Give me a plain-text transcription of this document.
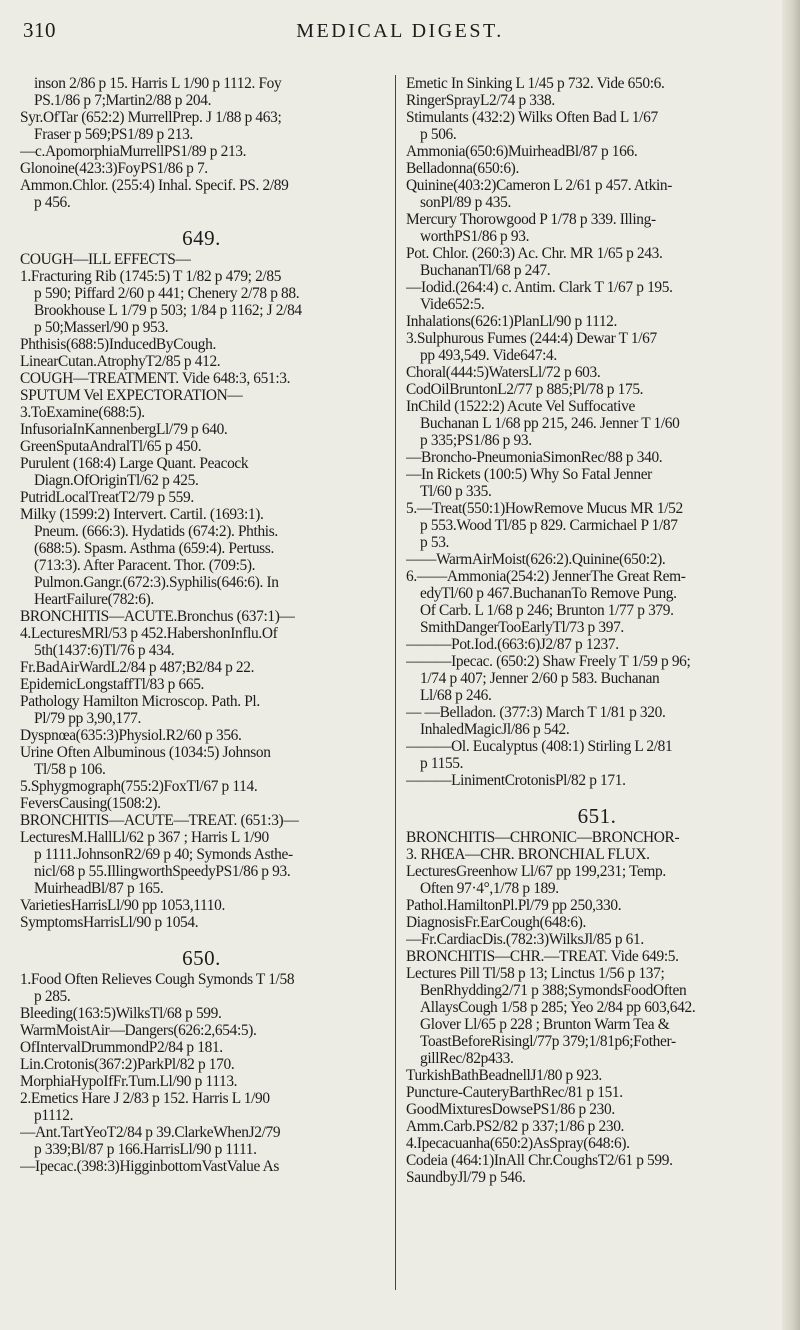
310	MEDICAL DIGEST.
inson 2/86 p 15. Harris L 1/90 p 1112. Foy
PS.1/86 p 7;Martin2/88 p 204.
Syr.OfTar (652:2) MurrellPrep. J 1/88 p 463;
Fraser p 569;PS1/89 p 213.
—c.ApomorphiaMurrellPS1/89 p 213.
Glonoine(423:3)FoyPS1/86 p 7.
Ammon.Chlor. (255:4) Inhal. Specif. PS. 2/89
p 456.
649.
COUGH—ILL EFFECTS—
1.Fracturing Rib (1745:5) T 1/82 p 479; 2/85
p 590; Piffard 2/60 p 441; Chenery 2/78 p 88.
Brookhouse L 1/79 p 503; 1/84 p 1162; J 2/84
p 50;Masserl/90 p 953.
Phthisis(688:5)InducedByCough.
LinearCutan.AtrophyT2/85 p 412.
COUGH—TREATMENT. Vide 648:3, 651:3.
SPUTUM Vel EXPECTORATION—
3.ToExamine(688:5).
InfusoriaInKannenbergLl/79 p 640.
GreenSputaAndralTl/65 p 450.
Purulent (168:4) Large Quant. Peacock
Diagn.OfOriginTl/62 p 425.
PutridLocalTreatT2/79 p 559.
Milky (1599:2) Intervert. Cartil. (1693:1).
Pneum. (666:3). Hydatids (674:2). Phthis.
(688:5). Spasm. Asthma (659:4). Pertuss.
(713:3). After Paracent. Thor. (709:5).
Pulmon.Gangr.(672:3).Syphilis(646:6). In
HeartFailure(782:6).
BRONCHITIS—ACUTE.Bronchus (637:1)—
4.LecturesMRl/53 p 452.HabershonInflu.Of
5th(1437:6)Tl/76 p 434.
Fr.BadAirWardL2/84 p 487;B2/84 p 22.
EpidemicLongstaffTl/83 p 665.
Pathology Hamilton Microscop. Path. Pl.
Pl/79 pp 3,90,177.
Dyspnœa(635:3)Physiol.R2/60 p 356.
Urine Often Albuminous (1034:5) Johnson
Tl/58 p 106.
5.Sphygmograph(755:2)FoxTl/67 p 114.
FeversCausing(1508:2).
BRONCHITIS—ACUTE—TREAT. (651:3)—
LecturesM.HallLl/62 p 367 ; Harris L 1/90
p 1111.JohnsonR2/69 p 40; Symonds Asthe-
nicl/68 p 55.IllingworthSpeedyPS1/86 p 93.
MuirheadBl/87 p 165.
VarietiesHarrisLl/90 pp 1053,1110.
SymptomsHarrisLl/90 p 1054.
650.
1.Food Often Relieves Cough Symonds T 1/58
p 285.
Bleeding(163:5)WilksTl/68 p 599.
WarmMoistAir—Dangers(626:2,654:5).
OfIntervalDrummondP2/84 p 181.
Lin.Crotonis(367:2)ParkPl/82 p 170.
MorphiaHypoIfFr.Tum.Ll/90 p 1113.
2.Emetics Hare J 2/83 p 152. Harris L 1/90
p1112.
—Ant.TartYeoT2/84 p 39.ClarkeWhenJ2/79
p 339;Bl/87 p 166.HarrisLl/90 p 1111.
—Ipecac.(398:3)HigginbottomVastValue As
Emetic In Sinking L 1/45 p 732. Vide 650:6.
RingerSprayL2/74 p 338.
Stimulants (432:2) Wilks Often Bad L 1/67
p 506.
Ammonia(650:6)MuirheadBl/87 p 166.
Belladonna(650:6).
Quinine(403:2)Cameron L 2/61 p 457. Atkin-
sonPl/89 p 435.
Mercury Thorowgood P 1/78 p 339. Illing-
worthPS1/86 p 93.
Pot. Chlor. (260:3) Ac. Chr. MR 1/65 p 243.
BuchananTl/68 p 247.
—Iodid.(264:4) c. Antim. Clark T 1/67 p 195.
Vide652:5.
Inhalations(626:1)PlanLl/90 p 1112.
3.Sulphurous Fumes (244:4) Dewar T 1/67
pp 493,549. Vide647:4.
Choral(444:5)WatersLl/72 p 603.
CodOilBruntonL2/77 p 885;Pl/78 p 175.
InChild (1522:2) Acute Vel Suffocative
Buchanan L 1/68 pp 215, 246. Jenner T 1/60
p 335;PS1/86 p 93.
—Broncho-PneumoniaSimonRec/88 p 340.
—In Rickets (100:5) Why So Fatal Jenner
Tl/60 p 335.
5.—Treat(550:1)HowRemove Mucus MR 1/52
p 553.Wood Tl/85 p 829. Carmichael P 1/87
p 53.
——WarmAirMoist(626:2).Quinine(650:2).
6.——Ammonia(254:2) JennerThe Great Rem-
edyTl/60 p 467.BuchananTo Remove Pung.
Of Carb. L 1/68 p 246; Brunton 1/77 p 379.
SmithDangerTooEarlyTl/73 p 397.
———Pot.Iod.(663:6)J2/87 p 1237.
———Ipecac. (650:2) Shaw Freely T 1/59 p 96;
1/74 p 407; Jenner 2/60 p 583. Buchanan
Ll/68 p 246.
— —Belladon. (377:3) March T 1/81 p 320.
InhaledMagicJl/86 p 542.
———Ol. Eucalyptus (408:1) Stirling L 2/81
p 1155.
———LinimentCrotonisPl/82 p 171.
651.
BRONCHITIS—CHRONIC—BRONCHOR-
3. RHŒA—CHR. BRONCHIAL FLUX.
LecturesGreenhow Ll/67 pp 199,231; Temp.
Often 97·4°,1/78 p 189.
Pathol.HamiltonPl.Pl/79 pp 250,330.
DiagnosisFr.EarCough(648:6).
—Fr.CardiacDis.(782:3)WilksJl/85 p 61.
BRONCHITIS—CHR.—TREAT. Vide 649:5.
Lectures Pill Tl/58 p 13; Linctus 1/56 p 137;
BenRhydding2/71 p 388;SymondsFoodOften
AllaysCough 1/58 p 285; Yeo 2/84 pp 603,642.
Glover Ll/65 p 228 ; Brunton Warm Tea &
ToastBeforeRisingl/77p 379;1/81p6;Fother-
gillRec/82p433.
TurkishBathBeadnellJ1/80 p 923.
Puncture-CauteryBarthRec/81 p 151.
GoodMixturesDowsePS1/86 p 230.
Amm.Carb.PS2/82 p 337;1/86 p 230.
4.Ipecacuanha(650:2)AsSpray(648:6).
Codeia (464:1)InAll Chr.CoughsT2/61 p 599.
SaundbyJl/79 p 546.
